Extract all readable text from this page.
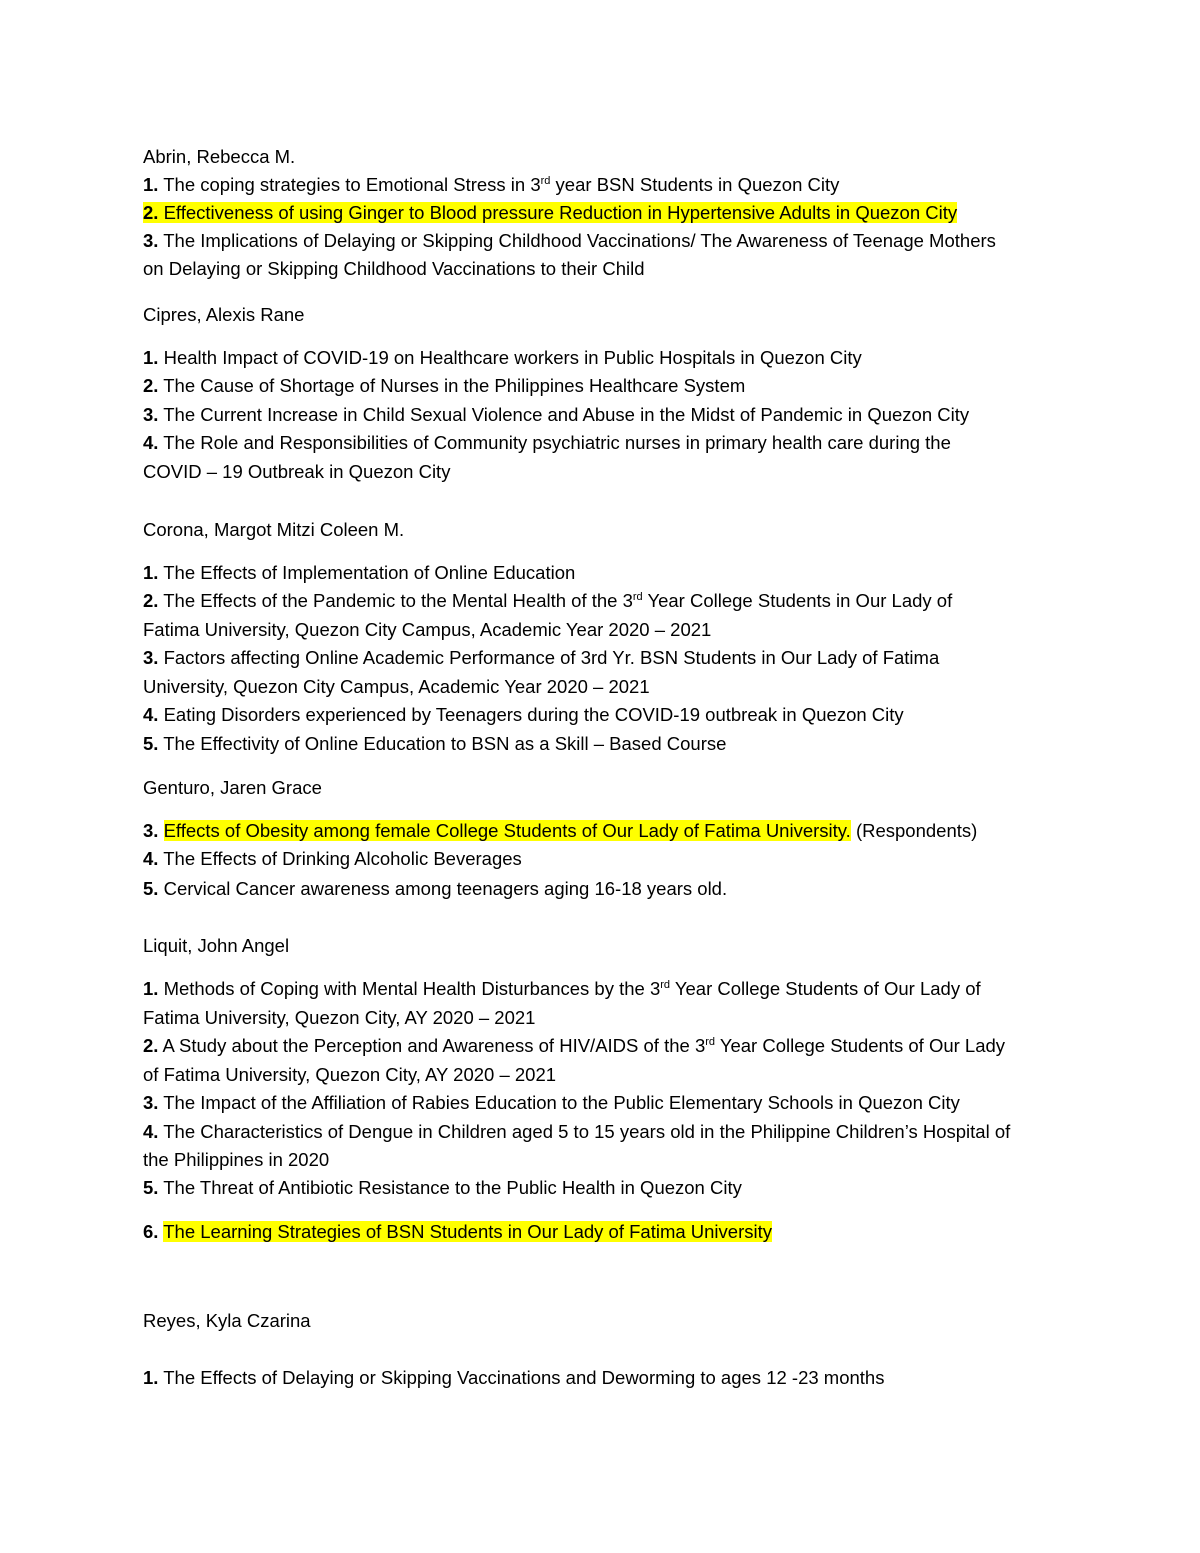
Abrin, Rebecca M.

1. The coping strategies to Emotional Stress in 3rd year BSN Students in Quezon City

2. Effectiveness of using Ginger to Blood pressure Reduction in Hypertensive Adults in Quezon City

3. The Implications of Delaying or Skipping Childhood Vaccinations/ The Awareness of Teenage Mothers

on Delaying or Skipping Childhood Vaccinations to their Child

Cipres, Alexis Rane

1. Health Impact of COVID-19 on Healthcare workers in Public Hospitals in Quezon City

2. The Cause of Shortage of Nurses in the Philippines Healthcare System

3. The Current Increase in Child Sexual Violence and Abuse in the Midst of Pandemic in Quezon City

4. The Role and Responsibilities of Community psychiatric nurses in primary health care during the

COVID – 19 Outbreak in Quezon City

Corona, Margot Mitzi Coleen M.

1. The Effects of Implementation of Online Education

2. The Effects of the Pandemic to the Mental Health of the 3rd Year College Students in Our Lady of

Fatima University, Quezon City Campus, Academic Year 2020 – 2021

3. Factors affecting Online Academic Performance of 3rd Yr. BSN Students in Our Lady of Fatima

University, Quezon City Campus, Academic Year 2020 – 2021

4. Eating Disorders experienced by Teenagers during the COVID-19 outbreak in Quezon City

5. The Effectivity of Online Education to BSN as a Skill – Based Course

Genturo, Jaren Grace

3. Effects of Obesity among female College Students of Our Lady of Fatima University. (Respondents)

4. The Effects of Drinking Alcoholic Beverages

5. Cervical Cancer awareness among teenagers aging 16-18 years old.

Liquit, John Angel

1. Methods of Coping with Mental Health Disturbances by the 3rd Year College Students of Our Lady of

Fatima University, Quezon City, AY 2020 – 2021

2. A Study about the Perception and Awareness of HIV/AIDS of the 3rd Year College Students of Our Lady

of Fatima University, Quezon City, AY 2020 – 2021

3. The Impact of the Affiliation of Rabies Education to the Public Elementary Schools in Quezon City

4. The Characteristics of Dengue in Children aged 5 to 15 years old in the Philippine Children’s Hospital of

the Philippines in 2020

5. The Threat of Antibiotic Resistance to the Public Health in Quezon City

6. The Learning Strategies of BSN Students in Our Lady of Fatima University

Reyes, Kyla Czarina

1. The Effects of Delaying or Skipping Vaccinations and Deworming to ages 12 -23 months
